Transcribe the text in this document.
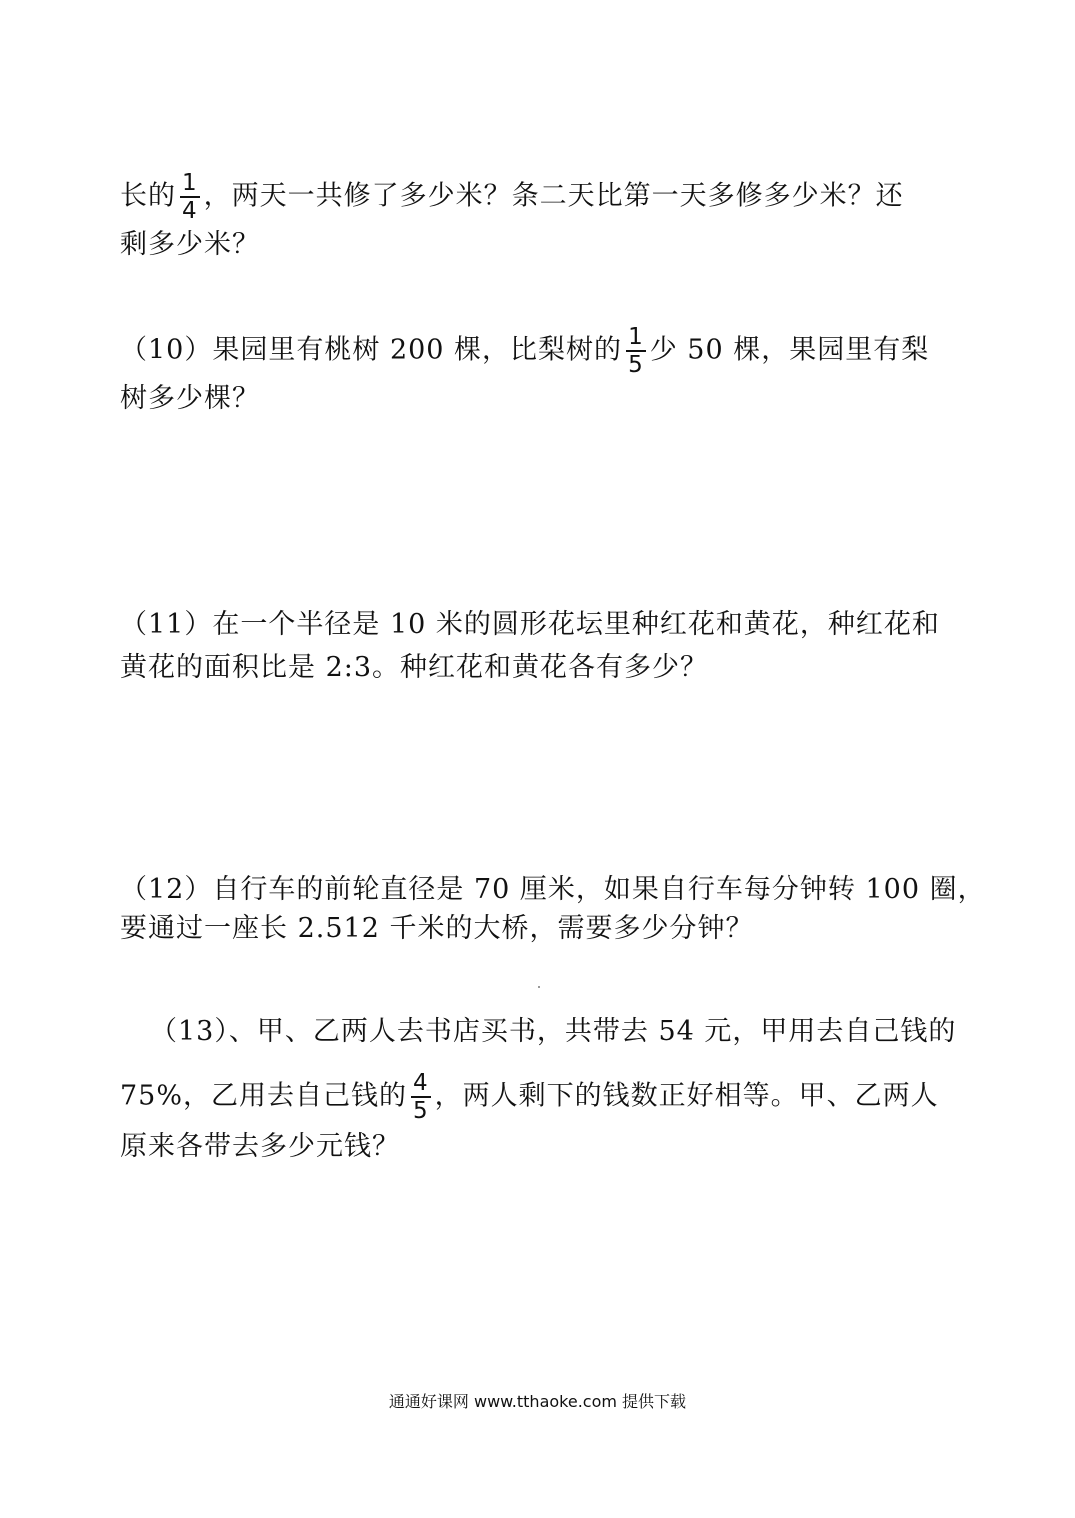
长的 $\frac{1}{4}$ ，两天一共修了多少米？条二天比第一天多修多少米？还
剩多少米？
（10）果园里有桃树 200 棵，比梨树的 $\frac{1}{5}$ 少 50 棵，果园里有梨
树多少棵？
（11）在一个半径是 10 米的圆形花坛里种红花和黄花，种红花和
黄花的面积比是 2:3。种红花和黄花各有多少？
（12）自行车的前轮直径是 70 厘米，如果自行车每分钟转 100 圈，
要通过一座长 2.512 千米的大桥，需要多少分钟？
（13）、甲、乙两人去书店买书，共带去 54 元，甲用去自己钱的
75%，乙用去自己钱的 $\frac{4}{5}$ ，两人剩下的钱数正好相等。甲、乙两人
原来各带去多少元钱？
通通好课网 www.tthaoke.com 提供下载
